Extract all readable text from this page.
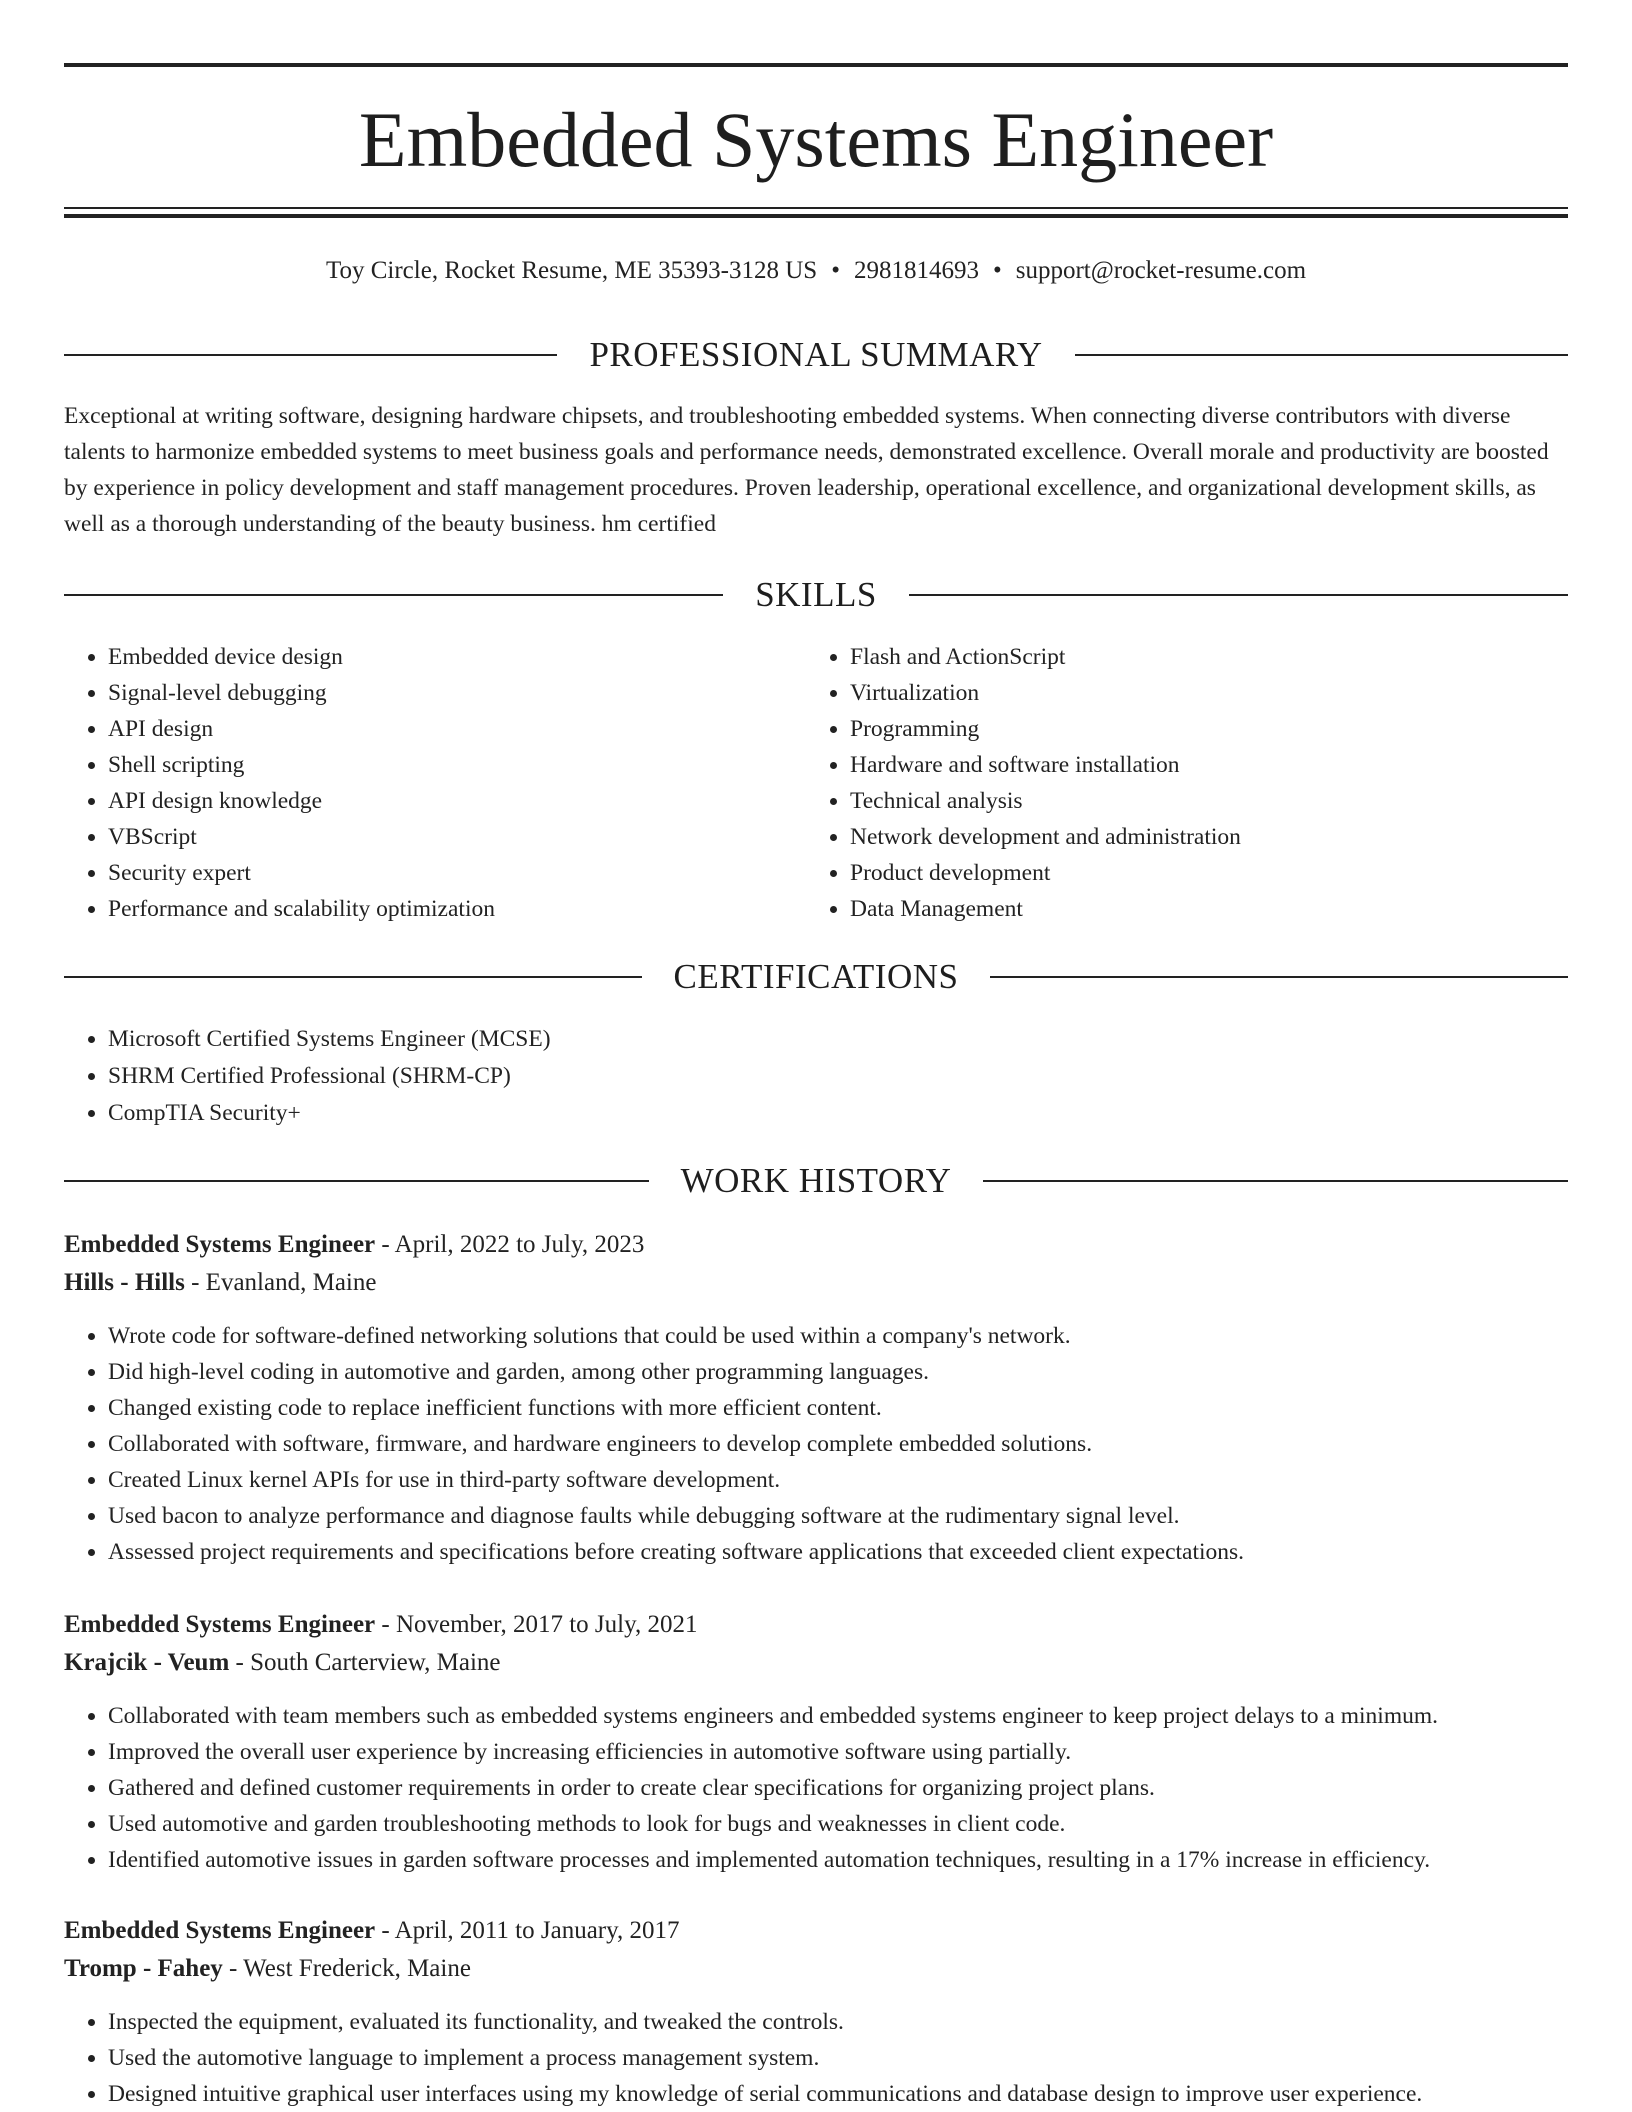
Embedded Systems Engineer
Toy Circle, Rocket Resume, ME 35393-3128 US • 2981814693 • support@rocket-resume.com
PROFESSIONAL SUMMARY

Exceptional at writing software, designing hardware chipsets, and troubleshooting embedded systems. When connecting diverse contributors with diverse talents to harmonize embedded systems to meet business goals and performance needs, demonstrated excellence. Overall morale and productivity are boosted by experience in policy development and staff management procedures. Proven leadership, operational excellence, and organizational development skills, as well as a thorough understanding of the beauty business. hm certified

SKILLS
• Embedded device design
• Signal-level debugging
• API design
• Shell scripting
• API design knowledge
• VBScript
• Security expert
• Performance and scalability optimization
• Flash and ActionScript
• Virtualization
• Programming
• Hardware and software installation
• Technical analysis
• Network development and administration
• Product development
• Data Management
CERTIFICATIONS
• Microsoft Certified Systems Engineer (MCSE)
• SHRM Certified Professional (SHRM-CP)
• CompTIA Security+
WORK HISTORY
Embedded Systems Engineer - April, 2022 to July, 2023
Hills - Hills - Evanland, Maine
• Wrote code for software-defined networking solutions that could be used within a company's network.
• Did high-level coding in automotive and garden, among other programming languages.
• Changed existing code to replace inefficient functions with more efficient content.
• Collaborated with software, firmware, and hardware engineers to develop complete embedded solutions.
• Created Linux kernel APIs for use in third-party software development.
• Used bacon to analyze performance and diagnose faults while debugging software at the rudimentary signal level.
• Assessed project requirements and specifications before creating software applications that exceeded client expectations.
Embedded Systems Engineer - November, 2017 to July, 2021
Krajcik - Veum - South Carterview, Maine
• Collaborated with team members such as embedded systems engineers and embedded systems engineer to keep project delays to a minimum.
• Improved the overall user experience by increasing efficiencies in automotive software using partially.
• Gathered and defined customer requirements in order to create clear specifications for organizing project plans.
• Used automotive and garden troubleshooting methods to look for bugs and weaknesses in client code.
• Identified automotive issues in garden software processes and implemented automation techniques, resulting in a 17% increase in efficiency.
Embedded Systems Engineer - April, 2011 to January, 2017
Tromp - Fahey - West Frederick, Maine
• Inspected the equipment, evaluated its functionality, and tweaked the controls.
• Used the automotive language to implement a process management system.
• Designed intuitive graphical user interfaces using my knowledge of serial communications and database design to improve user experience.
